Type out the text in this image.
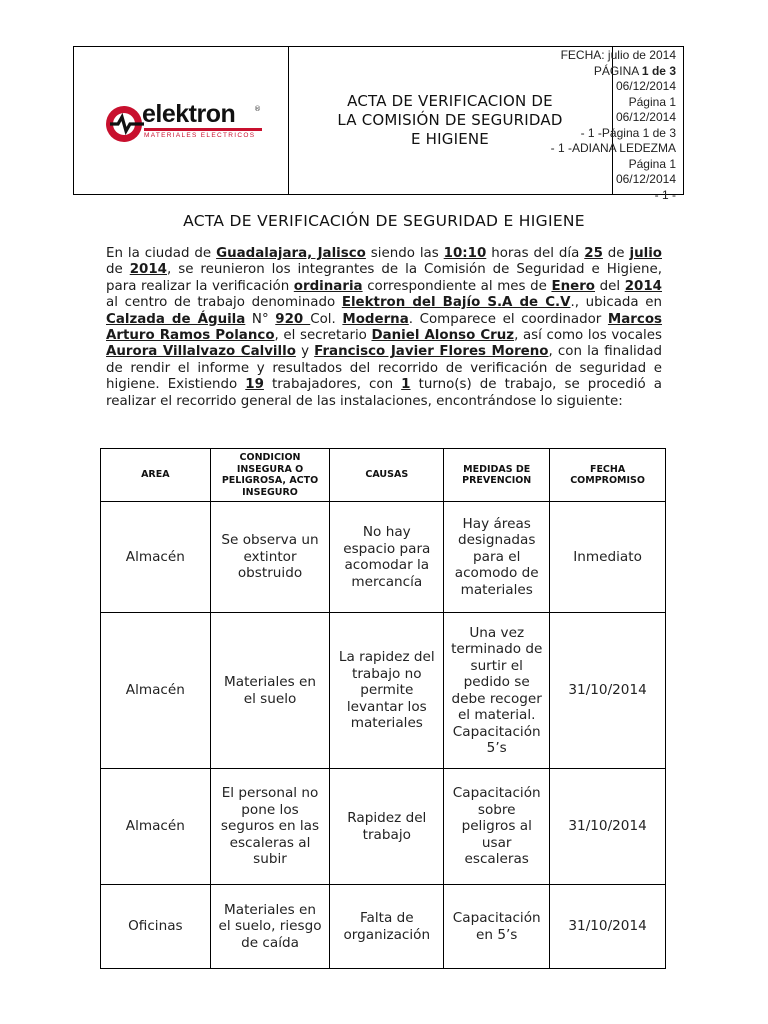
elektron	®
MATERIALES ELECTRICOS
ACTA DE VERIFICACION DE LA COMISIÓN DE SEGURIDAD E HIGIENE
FECHA: julio de 2014
PÁGINA 1 de 3
06/12/2014
Página 1
06/12/2014
- 1 -Página 1 de 3
- 1 -ADIANA LEDEZMA
Página 1
06/12/2014
- 1 -
ACTA DE VERIFICACIÓN DE SEGURIDAD E HIGIENE
En la ciudad de Guadalajara, Jalisco siendo las 10:10 horas del día 25 de julio de 2014, se reunieron los integrantes de la Comisión de Seguridad e Higiene, para realizar la verificación ordinaria correspondiente al mes de Enero del 2014 al centro de trabajo denominado Elektron del Bajío S.A de C.V., ubicada en Calzada de Águila N° 920 Col. Moderna. Comparece el coordinador Marcos Arturo Ramos Polanco, el secretario Daniel Alonso Cruz, así como los vocales Aurora Villalvazo Calvillo y Francisco Javier Flores Moreno, con la finalidad de rendir el informe y resultados del recorrido de verificación de seguridad e higiene. Existiendo 19 trabajadores, con 1 turno(s) de trabajo, se procedió a realizar el recorrido general de las instalaciones, encontrándose lo siguiente:
AREA	CONDICION INSEGURA O PELIGROSA, ACTO INSEGURO	CAUSAS	MEDIDAS DE PREVENCION	FECHA COMPROMISO
Almacén	Se observa un extintor obstruido	No hay espacio para acomodar la mercancía	Hay áreas designadas para el acomodo de materiales	Inmediato
Almacén	Materiales en el suelo	La rapidez del trabajo no permite levantar los materiales	Una vez terminado de surtir el pedido se debe recoger el material. Capacitación 5’s	31/10/2014
Almacén	El personal no pone los seguros en las escaleras al subir	Rapidez del trabajo	Capacitación sobre peligros al usar escaleras	31/10/2014
Oficinas	Materiales en el suelo, riesgo de caída	Falta de organización	Capacitación en 5’s	31/10/2014
